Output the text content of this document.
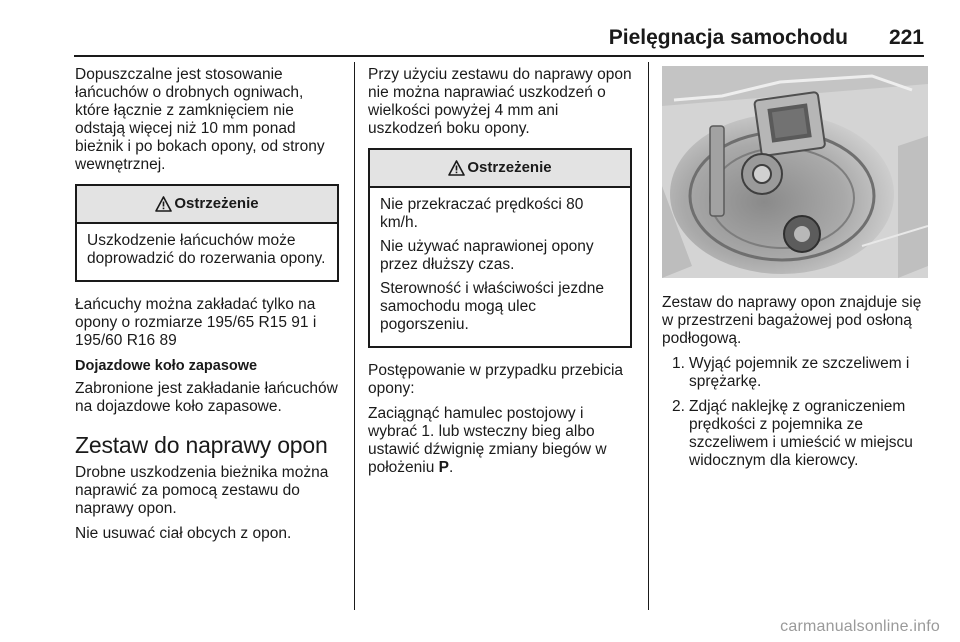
Pielęgnacja samochodu 221

Dopuszczalne jest stosowanie łańcuchów o drobnych ogniwach, które łącznie z zamknięciem nie odstają więcej niż 10 mm ponad bieżnik i po bokach opony, od strony wewnętrznej.

Ostrzeżenie

Uszkodzenie łańcuchów może doprowadzić do rozerwania opony.

Łańcuchy można zakładać tylko na opony o rozmiarze 195/65 R15 91 i 195/60 R16 89

Dojazdowe koło zapasowe

Zabronione jest zakładanie łańcuchów na dojazdowe koło zapasowe.

Zestaw do naprawy opon

Drobne uszkodzenia bieżnika można naprawić za pomocą zestawu do naprawy opon.

Nie usuwać ciał obcych z opon.

Przy użyciu zestawu do naprawy opon nie można naprawiać uszkodzeń o wielkości powyżej 4 mm ani uszkodzeń boku opony.

Ostrzeżenie

Nie przekraczać prędkości 80 km/h.

Nie używać naprawionej opony przez dłuższy czas.

Sterowność i właściwości jezdne samochodu mogą ulec pogorszeniu.

Postępowanie w przypadku przebicia opony:

Zaciągnąć hamulec postojowy i wybrać 1. lub wsteczny bieg albo ustawić dźwignię zmiany biegów w położeniu P.

Zestaw do naprawy opon znajduje się w przestrzeni bagażowej pod osłoną podłogową.

1. Wyjąć pojemnik ze szczeliwem i sprężarkę.
2. Zdjąć naklejkę z ograniczeniem prędkości z pojemnika ze szczeliwem i umieścić w miejscu widocznym dla kierowcy.
carmanualsonline.info
